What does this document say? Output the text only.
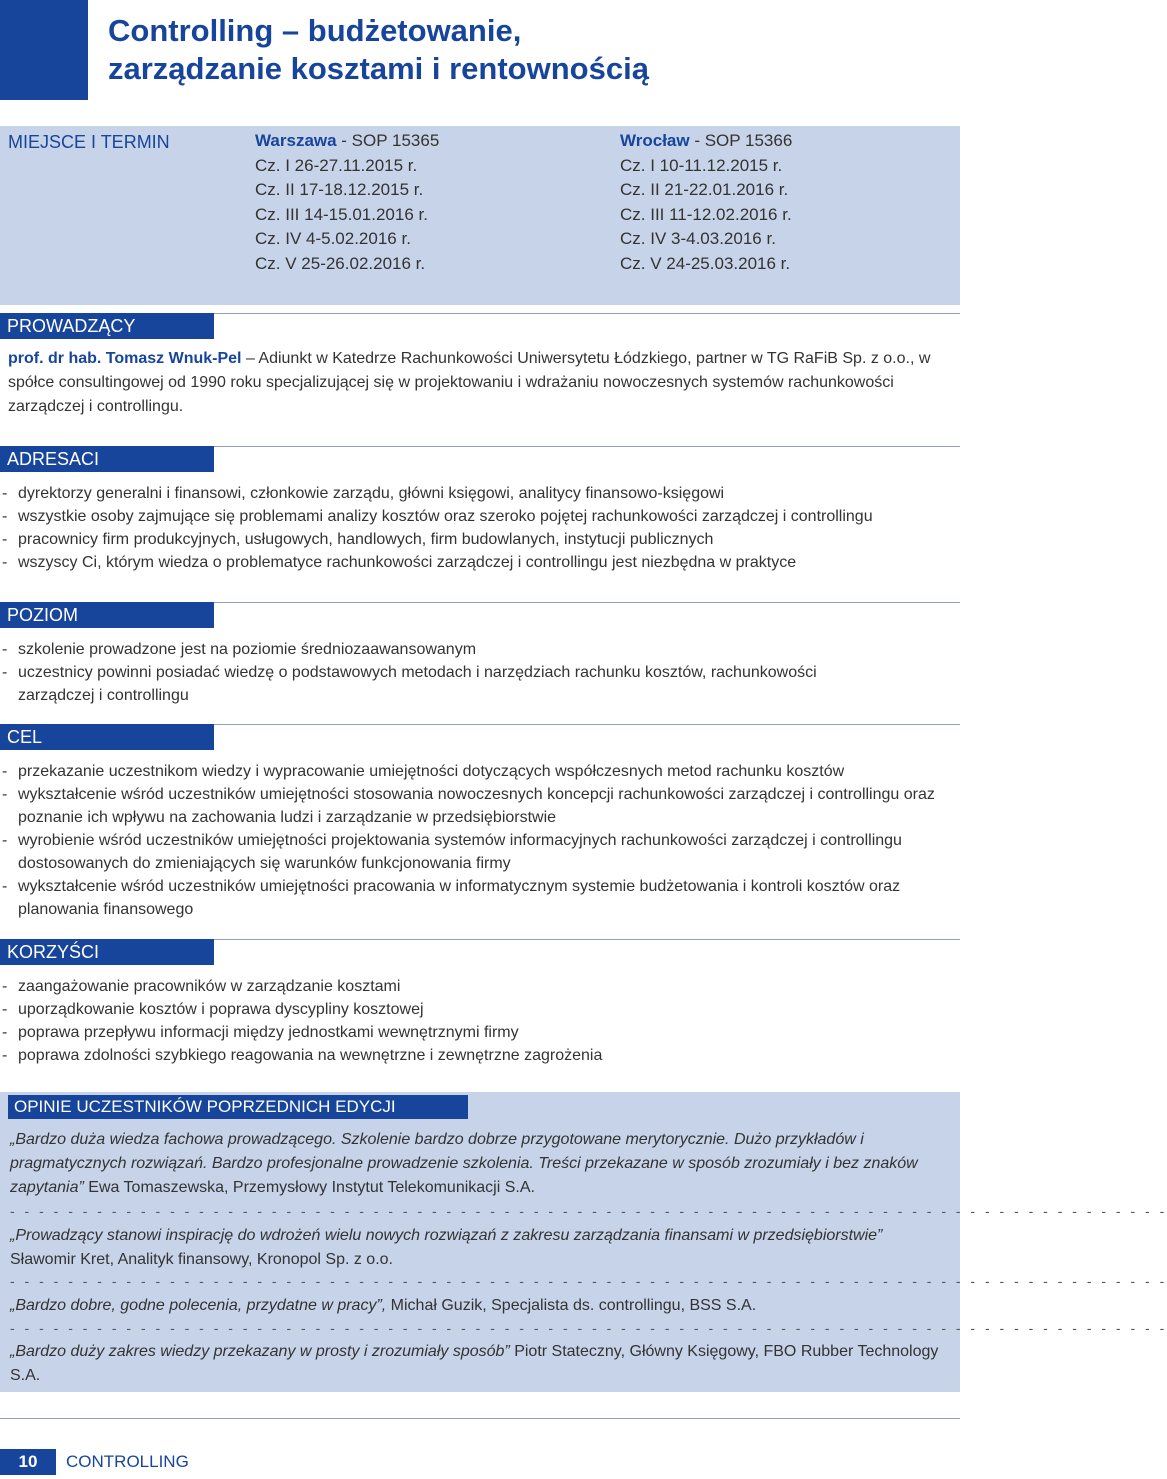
Controlling – budżetowanie,
zarządzanie kosztami i rentownością
MIEJSCE I TERMIN	Warszawa - SOP 15365
Cz. I 26-27.11.2015 r.
Cz. II 17-18.12.2015 r.
Cz. III 14-15.01.2016 r.
Cz. IV 4-5.02.2016 r.
Cz. V 25-26.02.2016 r.
Wrocław - SOP 15366
Cz. I 10-11.12.2015 r.
Cz. II 21-22.01.2016 r.
Cz. III 11-12.02.2016 r.
Cz. IV 3-4.03.2016 r.
Cz. V 24-25.03.2016 r.
PROWADZĄCY
prof. dr hab. Tomasz Wnuk-Pel – Adiunkt w Katedrze Rachunkowości Uniwersytetu Łódzkiego, partner w TG RaFiB Sp. z o.o., w spółce consultingowej od 1990 roku specjalizującej się w projektowaniu i wdrażaniu nowoczesnych systemów rachunkowości zarządczej i controllingu.
ADRESACI
- dyrektorzy generalni i finansowi, członkowie zarządu, główni księgowi, analitycy finansowo-księgowi
- wszystkie osoby zajmujące się problemami analizy kosztów oraz szeroko pojętej rachunkowości zarządczej i controllingu
- pracownicy firm produkcyjnych, usługowych, handlowych, firm budowlanych, instytucji publicznych
- wszyscy Ci, którym wiedza o problematyce rachunkowości zarządczej i controllingu jest niezbędna w praktyce
POZIOM
- szkolenie prowadzone jest na poziomie średniozaawansowanym
- uczestnicy powinni posiadać wiedzę o podstawowych metodach i narzędziach rachunku kosztów, rachunkowości zarządczej i controllingu
CEL
- przekazanie uczestnikom wiedzy i wypracowanie umiejętności dotyczących współczesnych metod rachunku kosztów
- wykształcenie wśród uczestników umiejętności stosowania nowoczesnych koncepcji rachunkowości zarządczej i controllingu oraz poznanie ich wpływu na zachowania ludzi i zarządzanie w przedsiębiorstwie
- wyrobienie wśród uczestników umiejętności projektowania systemów informacyjnych rachunkowości zarządczej i controllingu dostosowanych do zmieniających się warunków funkcjonowania firmy
- wykształcenie wśród uczestników umiejętności pracowania w informatycznym systemie budżetowania i kontroli kosztów oraz planowania finansowego
KORZYŚCI
- zaangażowanie pracowników w zarządzanie kosztami
- uporządkowanie kosztów i poprawa dyscypliny kosztowej
- poprawa przepływu informacji między jednostkami wewnętrznymi firmy
- poprawa zdolności szybkiego reagowania na wewnętrzne i zewnętrzne zagrożenia
OPINIE UCZESTNIKÓW POPRZEDNICH EDYCJI
„Bardzo duża wiedza fachowa prowadzącego. Szkolenie bardzo dobrze przygotowane merytorycznie. Dużo przykładów i pragmatycznych rozwiązań. Bardzo profesjonalne prowadzenie szkolenia. Treści przekazane w sposób zrozumiały i bez znaków zapytania” Ewa Tomaszewska, Przemysłowy Instytut Telekomunikacji S.A.
- - - - - - - - - - - - - - - - - - - - - - - - - - - - - - - - - - - - - - - - - - - - - - - - - - - - - - - - - - - - - - - - - - - - - - - - - - - - - - - -
„Prowadzący stanowi inspirację do wdrożeń wielu nowych rozwiązań z zakresu zarządzania finansami w przedsiębiorstwie” Sławomir Kret, Analityk finansowy, Kronopol Sp. z o.o.
- - - - - - - - - - - - - - - - - - - - - - - - - - - - - - - - - - - - - - - - - - - - - - - - - - - - - - - - - - - - - - - - - - - - - - - - - - - - - - - -
„Bardzo dobre, godne polecenia, przydatne w pracy”, Michał Guzik, Specjalista ds. controllingu, BSS S.A.
- - - - - - - - - - - - - - - - - - - - - - - - - - - - - - - - - - - - - - - - - - - - - - - - - - - - - - - - - - - - - - - - - - - - - - - - - - - - - - - -
„Bardzo duży zakres wiedzy przekazany w prosty i zrozumiały sposób” Piotr Stateczny, Główny Księgowy, FBO Rubber Technology S.A.
10	CONTROLLING
